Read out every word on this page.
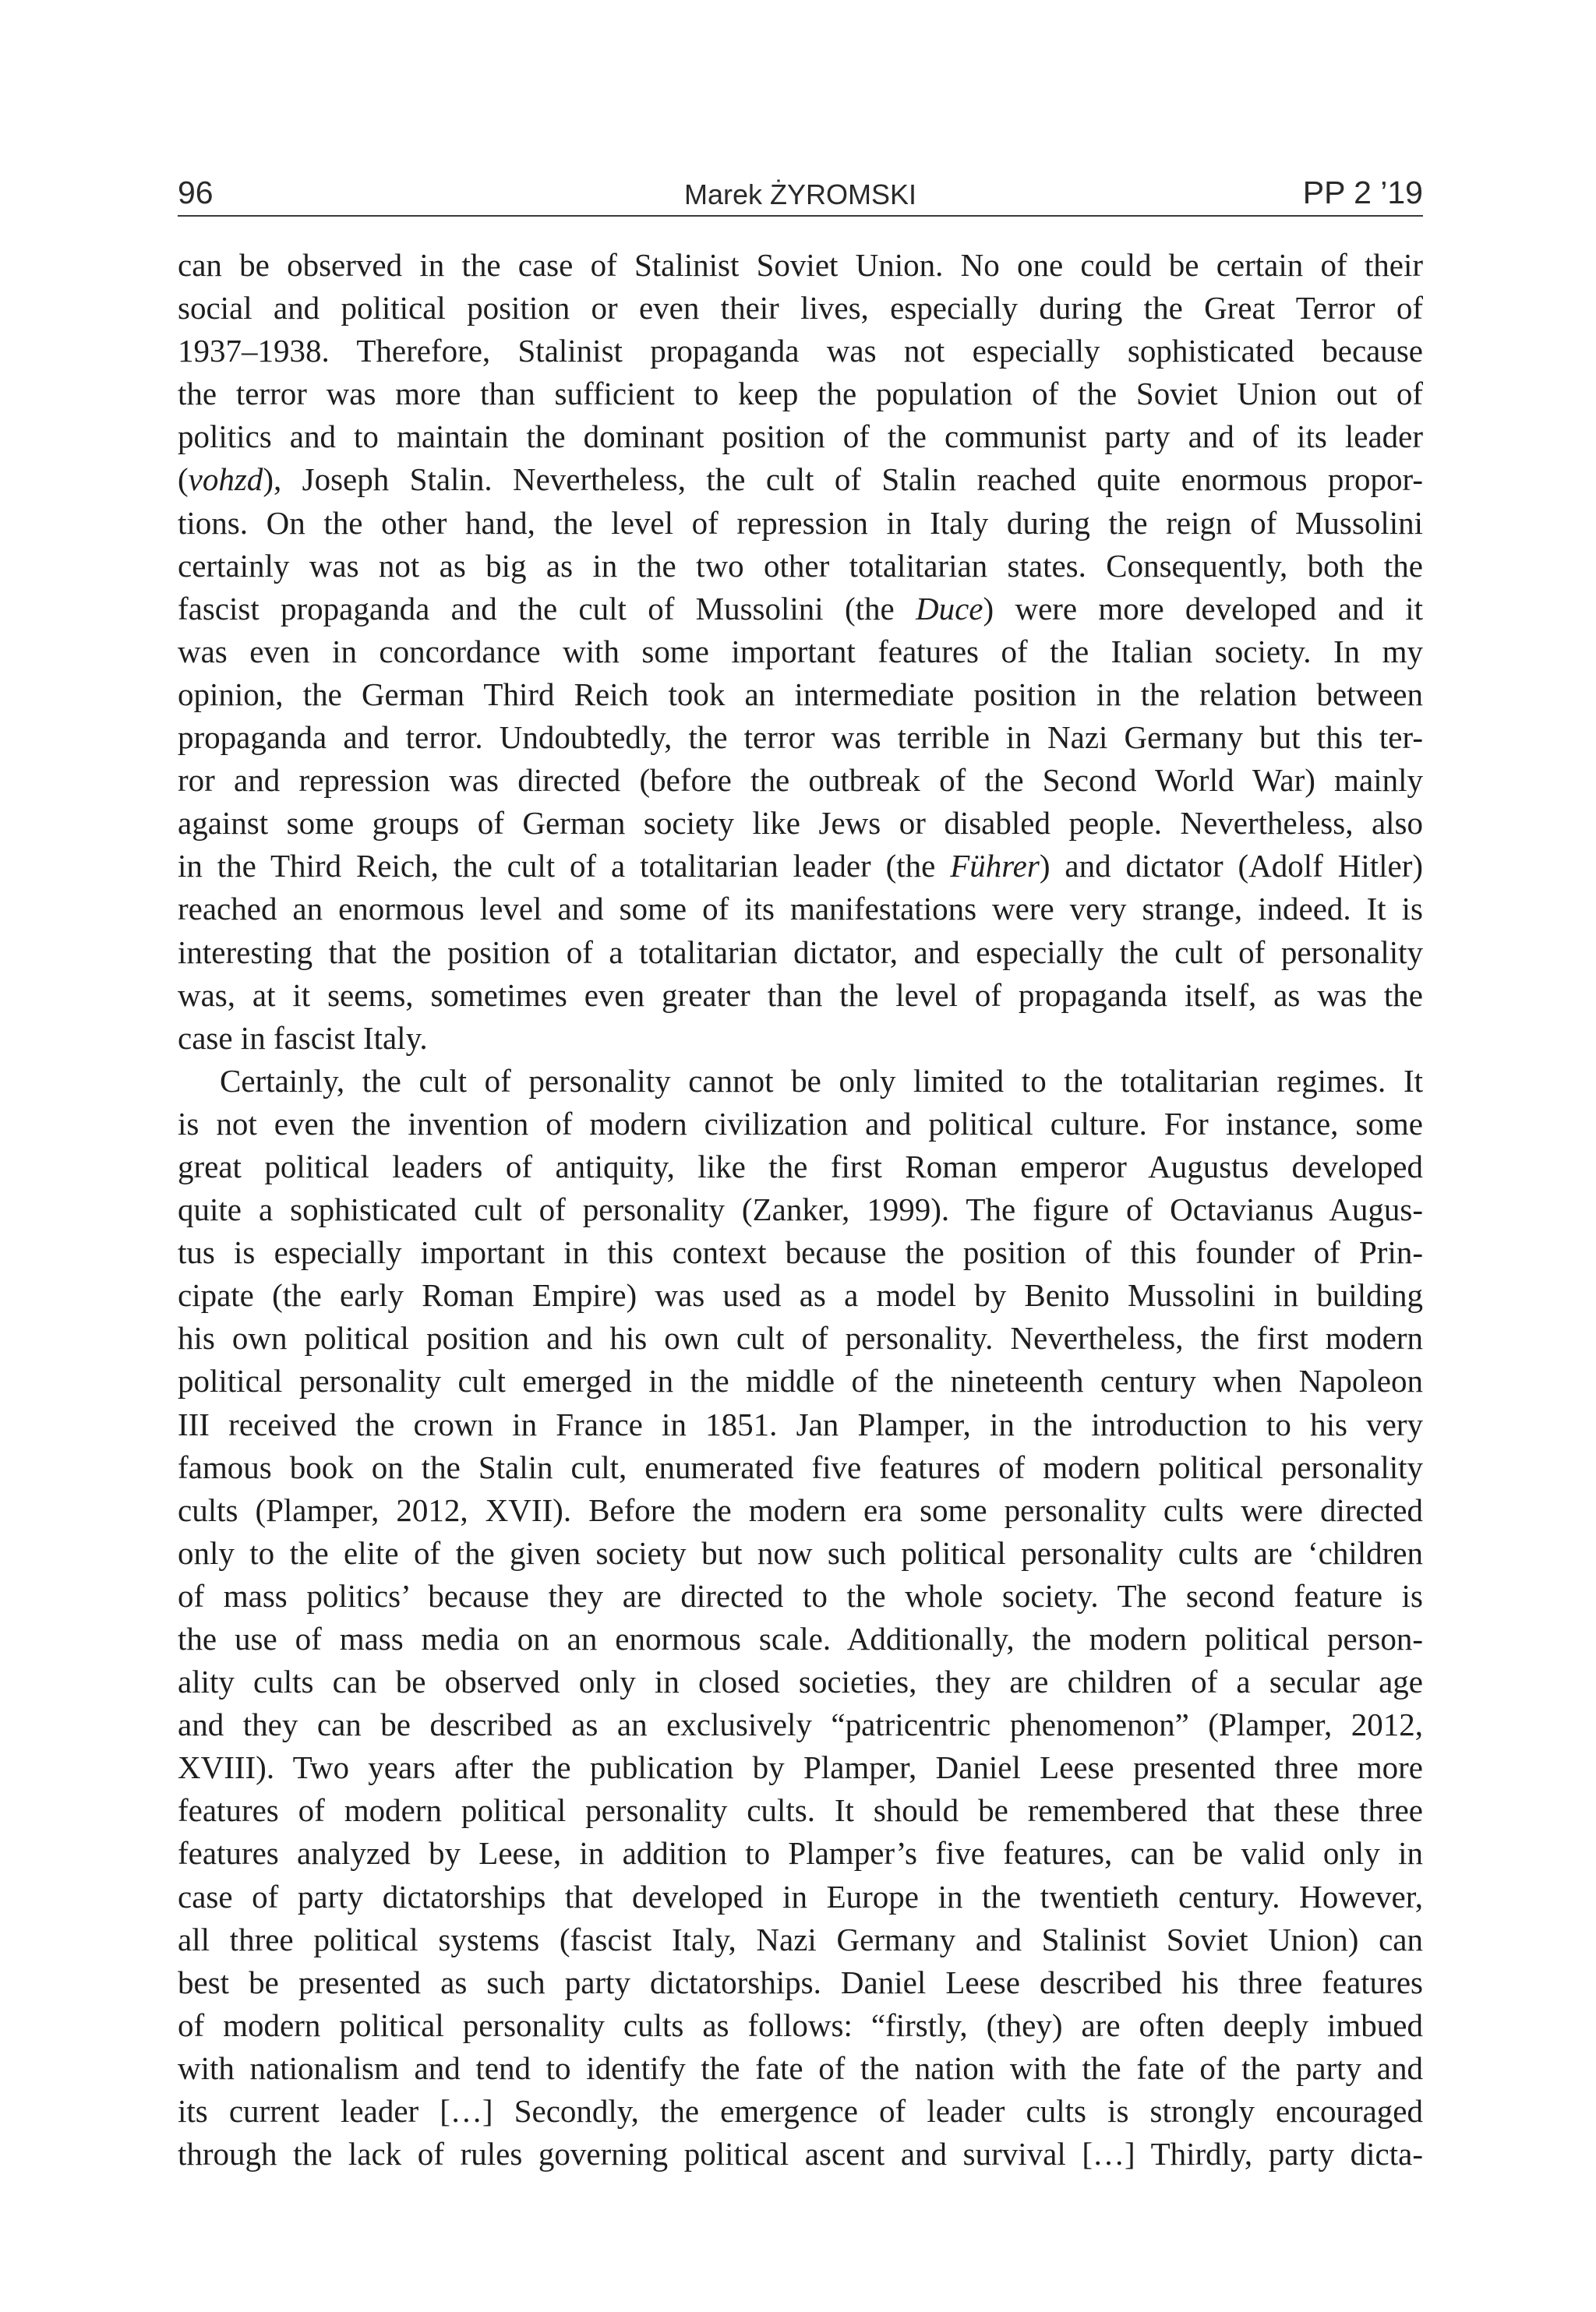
96	Marek ŻYROMSKI	PP 2 ’19

can be observed in the case of Stalinist Soviet Union. No one could be certain of their
social and political position or even their lives, especially during the Great Terror of
1937–1938. Therefore, Stalinist propaganda was not especially sophisticated because
the terror was more than sufficient to keep the population of the Soviet Union out of
politics and to maintain the dominant position of the communist party and of its leader
(vohzd), Joseph Stalin. Nevertheless, the cult of Stalin reached quite enormous propor-
tions. On the other hand, the level of repression in Italy during the reign of Mussolini
certainly was not as big as in the two other totalitarian states. Consequently, both the
fascist propaganda and the cult of Mussolini (the Duce) were more developed and it
was even in concordance with some important features of the Italian society. In my
opinion, the German Third Reich took an intermediate position in the relation between
propaganda and terror. Undoubtedly, the terror was terrible in Nazi Germany but this ter-
ror and repression was directed (before the outbreak of the Second World War) mainly
against some groups of German society like Jews or disabled people. Nevertheless, also
in the Third Reich, the cult of a totalitarian leader (the Führer) and dictator (Adolf Hitler)
reached an enormous level and some of its manifestations were very strange, indeed. It is
interesting that the position of a totalitarian dictator, and especially the cult of personality
was, at it seems, sometimes even greater than the level of propaganda itself, as was the
case in fascist Italy.

Certainly, the cult of personality cannot be only limited to the totalitarian regimes. It
is not even the invention of modern civilization and political culture. For instance, some
great political leaders of antiquity, like the first Roman emperor Augustus developed
quite a sophisticated cult of personality (Zanker, 1999). The figure of Octavianus Augus-
tus is especially important in this context because the position of this founder of Prin-
cipate (the early Roman Empire) was used as a model by Benito Mussolini in building
his own political position and his own cult of personality. Nevertheless, the first modern
political personality cult emerged in the middle of the nineteenth century when Napoleon
III received the crown in France in 1851. Jan Plamper, in the introduction to his very
famous book on the Stalin cult, enumerated five features of modern political personality
cults (Plamper, 2012, XVII). Before the modern era some personality cults were directed
only to the elite of the given society but now such political personality cults are ‘children
of mass politics’ because they are directed to the whole society. The second feature is
the use of mass media on an enormous scale. Additionally, the modern political person-
ality cults can be observed only in closed societies, they are children of a secular age
and they can be described as an exclusively “patricentric phenomenon” (Plamper, 2012,
XVIII). Two years after the publication by Plamper, Daniel Leese presented three more
features of modern political personality cults. It should be remembered that these three
features analyzed by Leese, in addition to Plamper’s five features, can be valid only in
case of party dictatorships that developed in Europe in the twentieth century. However,
all three political systems (fascist Italy, Nazi Germany and Stalinist Soviet Union) can
best be presented as such party dictatorships. Daniel Leese described his three features
of modern political personality cults as follows: “firstly, (they) are often deeply imbued
with nationalism and tend to identify the fate of the nation with the fate of the party and
its current leader […] Secondly, the emergence of leader cults is strongly encouraged
through the lack of rules governing political ascent and survival […] Thirdly, party dicta-
